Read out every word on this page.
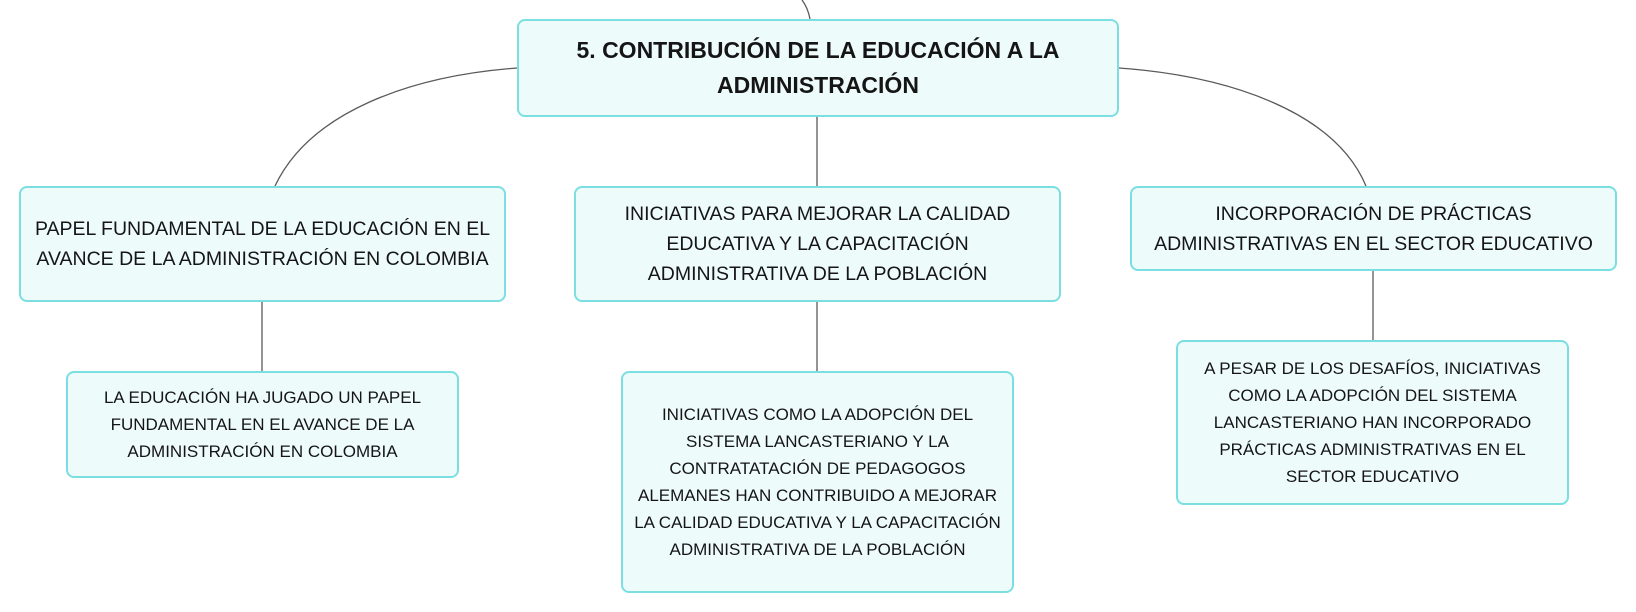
5. CONTRIBUCIÓN DE LA EDUCACIÓN A LA ADMINISTRACIÓN
PAPEL FUNDAMENTAL DE LA EDUCACIÓN EN EL AVANCE DE LA ADMINISTRACIÓN EN COLOMBIA
INICIATIVAS PARA MEJORAR LA CALIDAD EDUCATIVA Y LA CAPACITACIÓN ADMINISTRATIVA DE LA POBLACIÓN
INCORPORACIÓN DE PRÁCTICAS ADMINISTRATIVAS EN EL SECTOR EDUCATIVO
LA EDUCACIÓN HA JUGADO UN PAPEL FUNDAMENTAL EN EL AVANCE DE LA ADMINISTRACIÓN EN COLOMBIA
INICIATIVAS COMO LA ADOPCIÓN DEL SISTEMA LANCASTERIANO Y LA CONTRATATACIÓN DE PEDAGOGOS ALEMANES HAN CONTRIBUIDO A MEJORAR LA CALIDAD EDUCATIVA Y LA CAPACITACIÓN ADMINISTRATIVA DE LA POBLACIÓN
A PESAR DE LOS DESAFÍOS, INICIATIVAS COMO LA ADOPCIÓN DEL SISTEMA LANCASTERIANO HAN INCORPORADO PRÁCTICAS ADMINISTRATIVAS EN EL SECTOR EDUCATIVO
